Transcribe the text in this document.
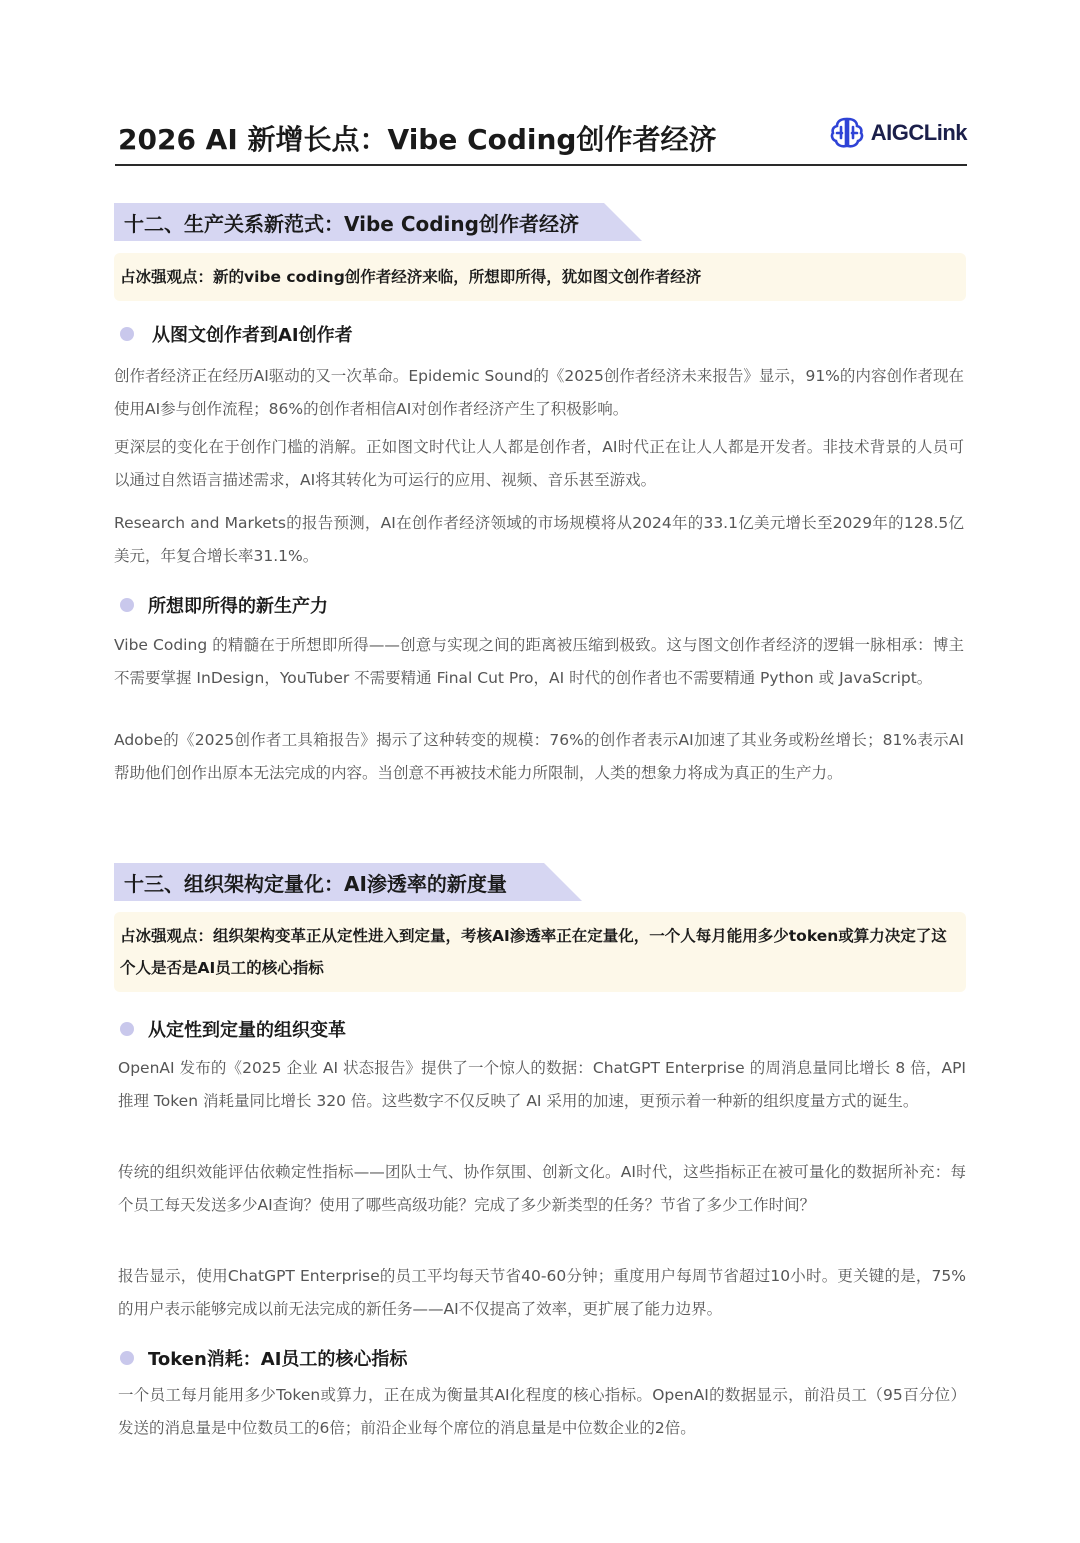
2026 AI 新增长点：Vibe Coding创作者经济	AIGCLink
十二、生产关系新范式：Vibe Coding创作者经济
占冰强观点：新的vibe coding创作者经济来临，所想即所得，犹如图文创作者经济
从图文创作者到AI创作者

创作者经济正在经历AI驱动的又一次革命。Epidemic Sound的《2025创作者经济未来报告》显示，91%的内容创作者现在使用AI参与创作流程；86%的创作者相信AI对创作者经济产生了积极影响。

更深层的变化在于创作门槛的消解。正如图文时代让人人都是创作者，AI时代正在让人人都是开发者。非技术背景的人员可以通过自然语言描述需求，AI将其转化为可运行的应用、视频、音乐甚至游戏。

Research and Markets的报告预测，AI在创作者经济领域的市场规模将从2024年的33.1亿美元增长至2029年的128.5亿美元，年复合增长率31.1%。

所想即所得的新生产力

Vibe Coding 的精髓在于所想即所得——创意与实现之间的距离被压缩到极致。这与图文创作者经济的逻辑一脉相承：博主不需要掌握 InDesign，YouTuber 不需要精通 Final Cut Pro，AI 时代的创作者也不需要精通 Python 或 JavaScript。

Adobe的《2025创作者工具箱报告》揭示了这种转变的规模：76%的创作者表示AI加速了其业务或粉丝增长；81%表示AI帮助他们创作出原本无法完成的内容。当创意不再被技术能力所限制，人类的想象力将成为真正的生产力。

十三、组织架构定量化：AI渗透率的新度量
占冰强观点：组织架构变革正从定性进入到定量，考核AI渗透率正在定量化，一个人每月能用多少token或算力决定了这个人是否是AI员工的核心指标
从定性到定量的组织变革

OpenAI 发布的《2025 企业 AI 状态报告》提供了一个惊人的数据：ChatGPT Enterprise 的周消息量同比增长 8 倍，API 推理 Token 消耗量同比增长 320 倍。这些数字不仅反映了 AI 采用的加速，更预示着一种新的组织度量方式的诞生。

传统的组织效能评估依赖定性指标——团队士气、协作氛围、创新文化。AI时代，这些指标正在被可量化的数据所补充：每个员工每天发送多少AI查询？使用了哪些高级功能？完成了多少新类型的任务？节省了多少工作时间？

报告显示，使用ChatGPT Enterprise的员工平均每天节省40-60分钟；重度用户每周节省超过10小时。更关键的是，75%的用户表示能够完成以前无法完成的新任务——AI不仅提高了效率，更扩展了能力边界。

Token消耗：AI员工的核心指标

一个员工每月能用多少Token或算力，正在成为衡量其AI化程度的核心指标。OpenAI的数据显示，前沿员工（95百分位）发送的消息量是中位数员工的6倍；前沿企业每个席位的消息量是中位数企业的2倍。
